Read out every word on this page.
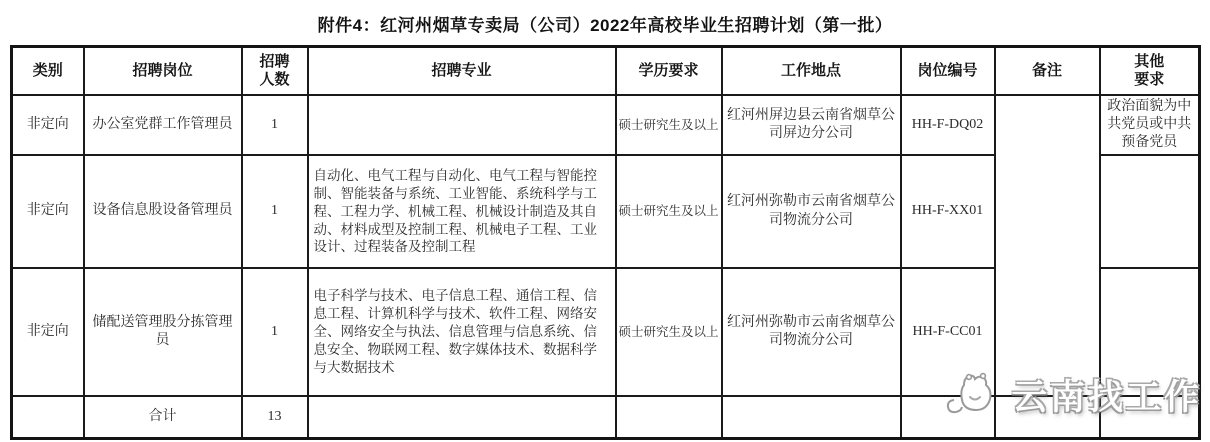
附件4：红河州烟草专卖局（公司）2022年高校毕业生招聘计划（第一批）
类别	招聘岗位	招聘人数	招聘专业	学历要求	工作地点	岗位编号	备注	其他要求
非定向	办公室党群工作管理员	1		硕士研究生及以上	红河州屏边县云南省烟草公司屏边分公司	HH-F-DQ02		政治面貌为中共党员或中共预备党员
非定向	设备信息股设备管理员	1	自动化、电气工程与自动化、电气工程与智能控制、智能装备与系统、工业智能、系统科学与工程、工程力学、机械工程、机械设计制造及其自动、材料成型及控制工程、机械电子工程、工业设计、过程装备及控制工程	硕士研究生及以上	红河州弥勒市云南省烟草公司物流分公司	HH-F-XX01		
非定向	储配送管理股分拣管理员	1	电子科学与技术、电子信息工程、通信工程、信息工程、计算机科学与技术、软件工程、网络安全、网络安全与执法、信息管理与信息系统、信息安全、物联网工程、数字媒体技术、数据科学与大数据技术	硕士研究生及以上	红河州弥勒市云南省烟草公司物流分公司	HH-F-CC01		
	合计	13							云南找工作
